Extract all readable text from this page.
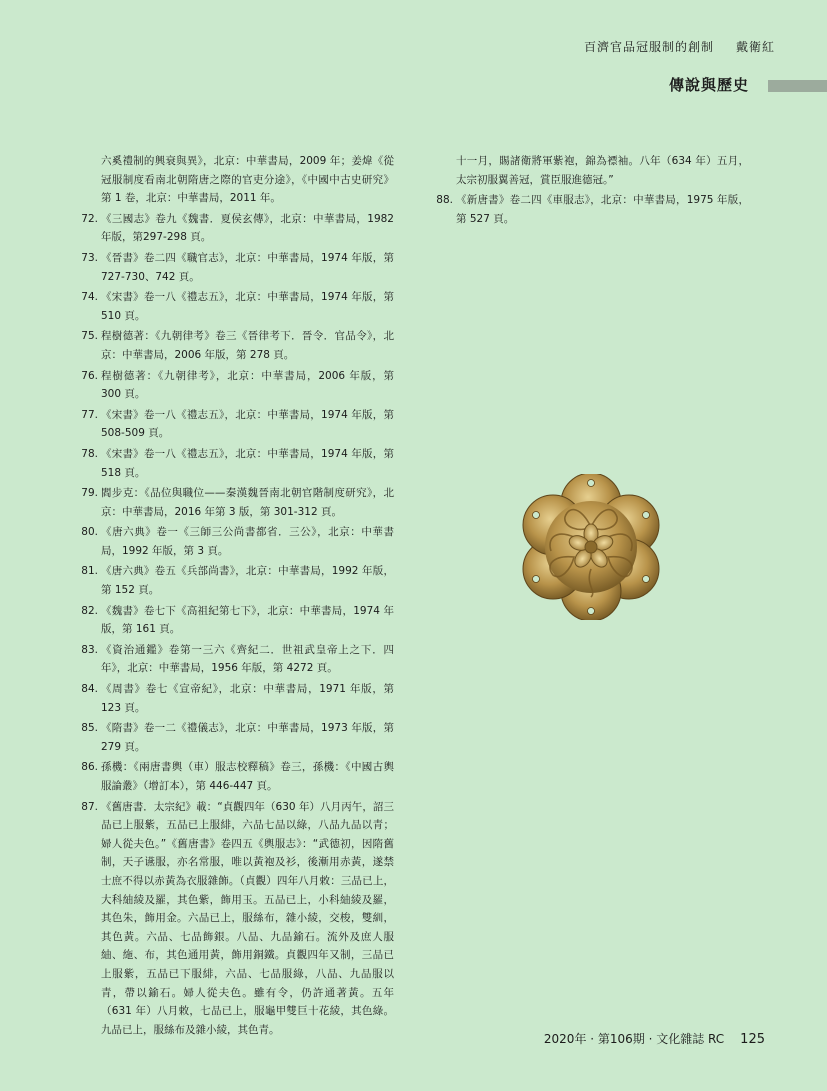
百濟官品冠服制的創制 戴衛紅
傳說與歷史
六奚禮制的興衰與異》，北京：中華書局，2009 年；姜煒《從冠服制度看南北朝隋唐之際的官吏分途》，《中國中古史研究》第 1 卷，北京：中華書局，2011 年。
72. 《三國志》卷九《魏書．夏侯玄傳》，北京：中華書局，1982 年版，第297-298 頁。
73. 《晉書》卷二四《職官志》，北京：中華書局，1974 年版，第727-730、742 頁。
74. 《宋書》卷一八《禮志五》，北京：中華書局，1974 年版，第 510 頁。
75. 程樹德著：《九朝律考》卷三《晉律考下．晉令．官品令》，北京：中華書局，2006 年版，第 278 頁。
76. 程樹德著：《九朝律考》，北京：中華書局，2006 年版，第 300 頁。
77. 《宋書》卷一八《禮志五》，北京：中華書局，1974 年版，第 508-509 頁。
78. 《宋書》卷一八《禮志五》，北京：中華書局，1974 年版，第 518 頁。
79. 閻步克：《品位與職位——秦漢魏晉南北朝官階制度研究》，北京：中華書局，2016 年第 3 版，第 301-312 頁。
80. 《唐六典》卷一《三師三公尚書都省．三公》，北京：中華書局，1992 年版，第 3 頁。
81. 《唐六典》卷五《兵部尚書》，北京：中華書局，1992 年版，第 152 頁。
82. 《魏書》卷七下《高祖紀第七下》，北京：中華書局，1974 年版，第 161 頁。
83. 《資治通鑑》卷第一三六《齊紀二．世祖武皇帝上之下．四年》，北京：中華書局，1956 年版，第 4272 頁。
84. 《周書》卷七《宣帝紀》，北京：中華書局，1971 年版，第 123 頁。
85. 《隋書》卷一二《禮儀志》，北京：中華書局，1973 年版，第 279 頁。
86. 孫機：《兩唐書輿（車）服志校釋稿》卷三，孫機：《中國古輿服論叢》（增訂本），第 446-447 頁。
87. 《舊唐書．太宗紀》載：“貞觀四年（630 年）八月丙午，詔三品已上服紫，五品已上服緋，六品七品以綠，八品九品以青；婦人從夫色。”《舊唐書》卷四五《輿服志》：“武德初，因隋舊制，天子䜩服，亦名常服，唯以黃袍及衫，後漸用赤黃，遂禁士庶不得以赤黃為衣服雜飾。（貞觀）四年八月敕：三品已上，大科紬綾及羅，其色紫，飾用玉。五品已上，小科紬綾及羅，其色朱，飾用金。六品已上，服絲布，雜小綾，交梭，雙紃，其色黃。六品、七品飾銀。八品、九品鍮石。流外及庶人服紬、絁、布，其色通用黃，飾用銅鐵。貞觀四年又制，三品已上服紫，五品已下服緋，六品、七品服綠，八品、九品服以青，帶以鍮石。婦人從夫色。雖有令，仍許通著黃。五年（631 年）八月敕，七品已上，服龜甲雙巨十花綾，其色綠。九品已上，服絲布及雜小綾，其色青。
十一月，賜諸衛將軍紫袍，錦為褾袖。八年（634 年）五月，太宗初服翼善冠，賞臣服進德冠。”
88. 《新唐書》卷二四《車服志》，北京：中華書局，1975 年版，第 527 頁。
2020年 · 第106期 · 文化雜誌 RC 125
